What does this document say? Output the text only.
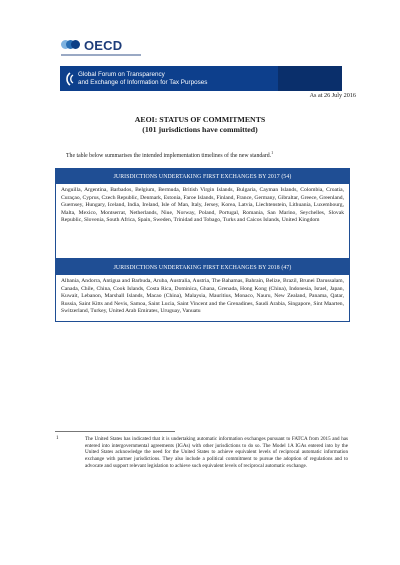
OECD
Global Forum on Transparency
and Exchange of Information for Tax Purposes
As at 26 July 2016
AEOI: STATUS OF COMMITMENTS
(101 jurisdictions have committed)
The table below summarises the intended implementation timelines of the new standard.$^1$
JURISDICTIONS UNDERTAKING FIRST EXCHANGES BY 2017 (54)
Anguilla, Argentina, Barbados, Belgium, Bermuda, British Virgin Islands, Bulgaria, Cayman Islands, Colombia, Croatia, Curaçao, Cyprus, Czech Republic, Denmark, Estonia, Faroe Islands, Finland, France, Germany, Gibraltar, Greece, Greenland, Guernsey, Hungary, Iceland, India, Ireland, Isle of Man, Italy, Jersey, Korea, Latvia, Liechtenstein, Lithuania, Luxembourg, Malta, Mexico, Montserrat, Netherlands, Niue, Norway, Poland, Portugal, Romania, San Marino, Seychelles, Slovak Republic, Slovenia, South Africa, Spain, Sweden, Trinidad and Tobago, Turks and Caicos Islands, United Kingdom
JURISDICTIONS UNDERTAKING FIRST EXCHANGES BY 2018 (47)
Albania, Andorra, Antigua and Barbuda, Aruba, Australia, Austria, The Bahamas, Bahrain, Belize, Brazil, Brunei Darussalam, Canada, Chile, China, Cook Islands, Costa Rica, Dominica, Ghana, Grenada, Hong Kong (China), Indonesia, Israel, Japan, Kuwait, Lebanon, Marshall Islands, Macao (China), Malaysia, Mauritius, Monaco, Nauru, New Zealand, Panama, Qatar, Russia, Saint Kitts and Nevis, Samoa, Saint Lucia, Saint Vincent and the Grenadines, Saudi Arabia, Singapore, Sint Maarten, Switzerland, Turkey, United Arab Emirates, Uruguay, Vanuatu
1	The United States has indicated that it is undertaking automatic information exchanges pursuant to FATCA from 2015 and has entered into intergovernmental agreements (IGAs) with other jurisdictions to do so. The Model 1A IGAs entered into by the United States acknowledge the need for the United States to achieve equivalent levels of reciprocal automatic information exchange with partner jurisdictions. They also include a political commitment to pursue the adoption of regulations and to advocate and support relevant legislation to achieve such equivalent levels of reciprocal automatic exchange.
